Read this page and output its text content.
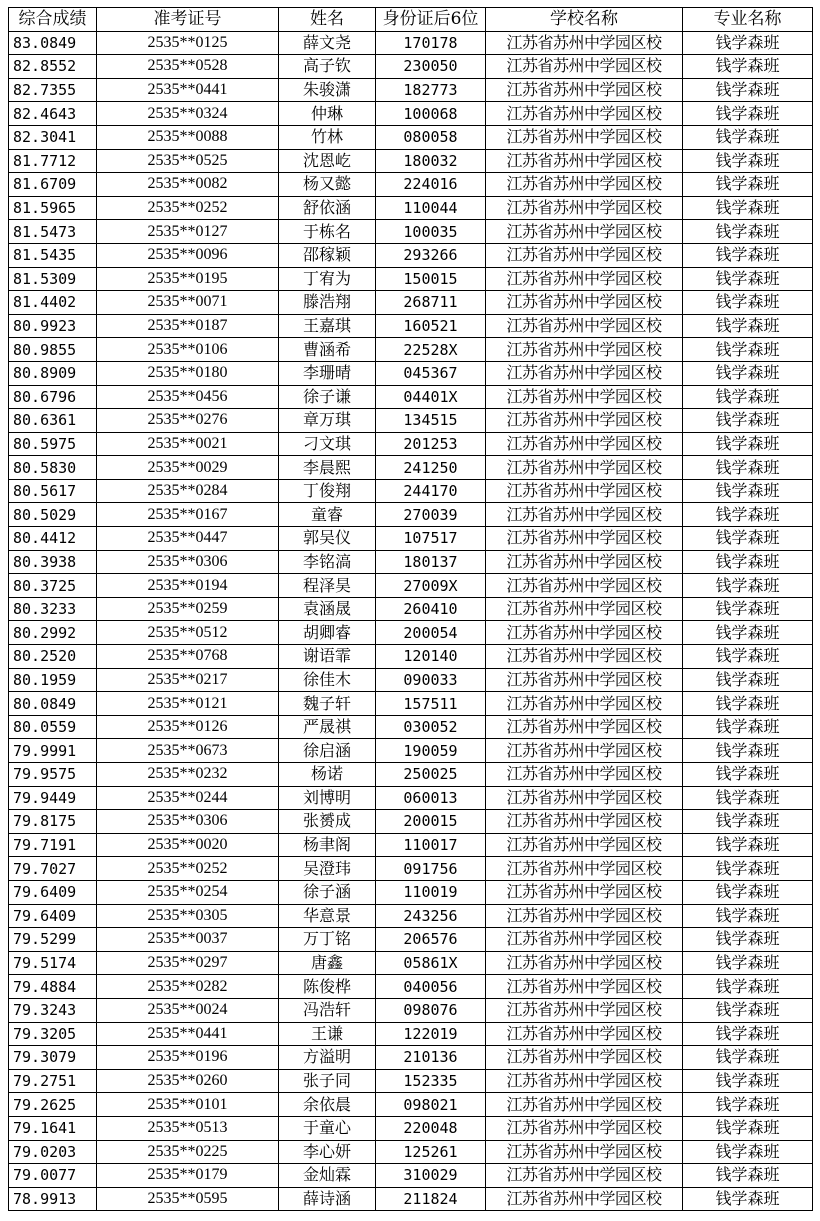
综合成绩	准考证号	姓名	身份证后6位	学校名称	专业名称
83.0849	2535**0125	薛文尧	170178	江苏省苏州中学园区校	钱学森班
82.8552	2535**0528	高子钦	230050	江苏省苏州中学园区校	钱学森班
82.7355	2535**0441	朱骏潇	182773	江苏省苏州中学园区校	钱学森班
82.4643	2535**0324	仲琳	100068	江苏省苏州中学园区校	钱学森班
82.3041	2535**0088	竹林	080058	江苏省苏州中学园区校	钱学森班
81.7712	2535**0525	沈恩屹	180032	江苏省苏州中学园区校	钱学森班
81.6709	2535**0082	杨又懿	224016	江苏省苏州中学园区校	钱学森班
81.5965	2535**0252	舒依涵	110044	江苏省苏州中学园区校	钱学森班
81.5473	2535**0127	于栋名	100035	江苏省苏州中学园区校	钱学森班
81.5435	2535**0096	邵稼颖	293266	江苏省苏州中学园区校	钱学森班
81.5309	2535**0195	丁宥为	150015	江苏省苏州中学园区校	钱学森班
81.4402	2535**0071	滕浩翔	268711	江苏省苏州中学园区校	钱学森班
80.9923	2535**0187	王嘉琪	160521	江苏省苏州中学园区校	钱学森班
80.9855	2535**0106	曹涵希	22528X	江苏省苏州中学园区校	钱学森班
80.8909	2535**0180	李珊晴	045367	江苏省苏州中学园区校	钱学森班
80.6796	2535**0456	徐子谦	04401X	江苏省苏州中学园区校	钱学森班
80.6361	2535**0276	章万琪	134515	江苏省苏州中学园区校	钱学森班
80.5975	2535**0021	刁文琪	201253	江苏省苏州中学园区校	钱学森班
80.5830	2535**0029	李晨熙	241250	江苏省苏州中学园区校	钱学森班
80.5617	2535**0284	丁俊翔	244170	江苏省苏州中学园区校	钱学森班
80.5029	2535**0167	童睿	270039	江苏省苏州中学园区校	钱学森班
80.4412	2535**0447	郭吴仪	107517	江苏省苏州中学园区校	钱学森班
80.3938	2535**0306	李铭滈	180137	江苏省苏州中学园区校	钱学森班
80.3725	2535**0194	程泽昊	27009X	江苏省苏州中学园区校	钱学森班
80.3233	2535**0259	袁涵晟	260410	江苏省苏州中学园区校	钱学森班
80.2992	2535**0512	胡卿睿	200054	江苏省苏州中学园区校	钱学森班
80.2520	2535**0768	谢语霏	120140	江苏省苏州中学园区校	钱学森班
80.1959	2535**0217	徐佳木	090033	江苏省苏州中学园区校	钱学森班
80.0849	2535**0121	魏子轩	157511	江苏省苏州中学园区校	钱学森班
80.0559	2535**0126	严晟祺	030052	江苏省苏州中学园区校	钱学森班
79.9991	2535**0673	徐启涵	190059	江苏省苏州中学园区校	钱学森班
79.9575	2535**0232	杨诺	250025	江苏省苏州中学园区校	钱学森班
79.9449	2535**0244	刘博明	060013	江苏省苏州中学园区校	钱学森班
79.8175	2535**0306	张赟成	200015	江苏省苏州中学园区校	钱学森班
79.7191	2535**0020	杨聿阁	110017	江苏省苏州中学园区校	钱学森班
79.7027	2535**0252	吴澄玮	091756	江苏省苏州中学园区校	钱学森班
79.6409	2535**0254	徐子涵	110019	江苏省苏州中学园区校	钱学森班
79.6409	2535**0305	华意景	243256	江苏省苏州中学园区校	钱学森班
79.5299	2535**0037	万丁铭	206576	江苏省苏州中学园区校	钱学森班
79.5174	2535**0297	唐鑫	05861X	江苏省苏州中学园区校	钱学森班
79.4884	2535**0282	陈俊桦	040056	江苏省苏州中学园区校	钱学森班
79.3243	2535**0024	冯浩轩	098076	江苏省苏州中学园区校	钱学森班
79.3205	2535**0441	王谦	122019	江苏省苏州中学园区校	钱学森班
79.3079	2535**0196	方溢明	210136	江苏省苏州中学园区校	钱学森班
79.2751	2535**0260	张子同	152335	江苏省苏州中学园区校	钱学森班
79.2625	2535**0101	余依晨	098021	江苏省苏州中学园区校	钱学森班
79.1641	2535**0513	于童心	220048	江苏省苏州中学园区校	钱学森班
79.0203	2535**0225	李心妍	125261	江苏省苏州中学园区校	钱学森班
79.0077	2535**0179	金灿霖	310029	江苏省苏州中学园区校	钱学森班
78.9913	2535**0595	薛诗涵	211824	江苏省苏州中学园区校	钱学森班
